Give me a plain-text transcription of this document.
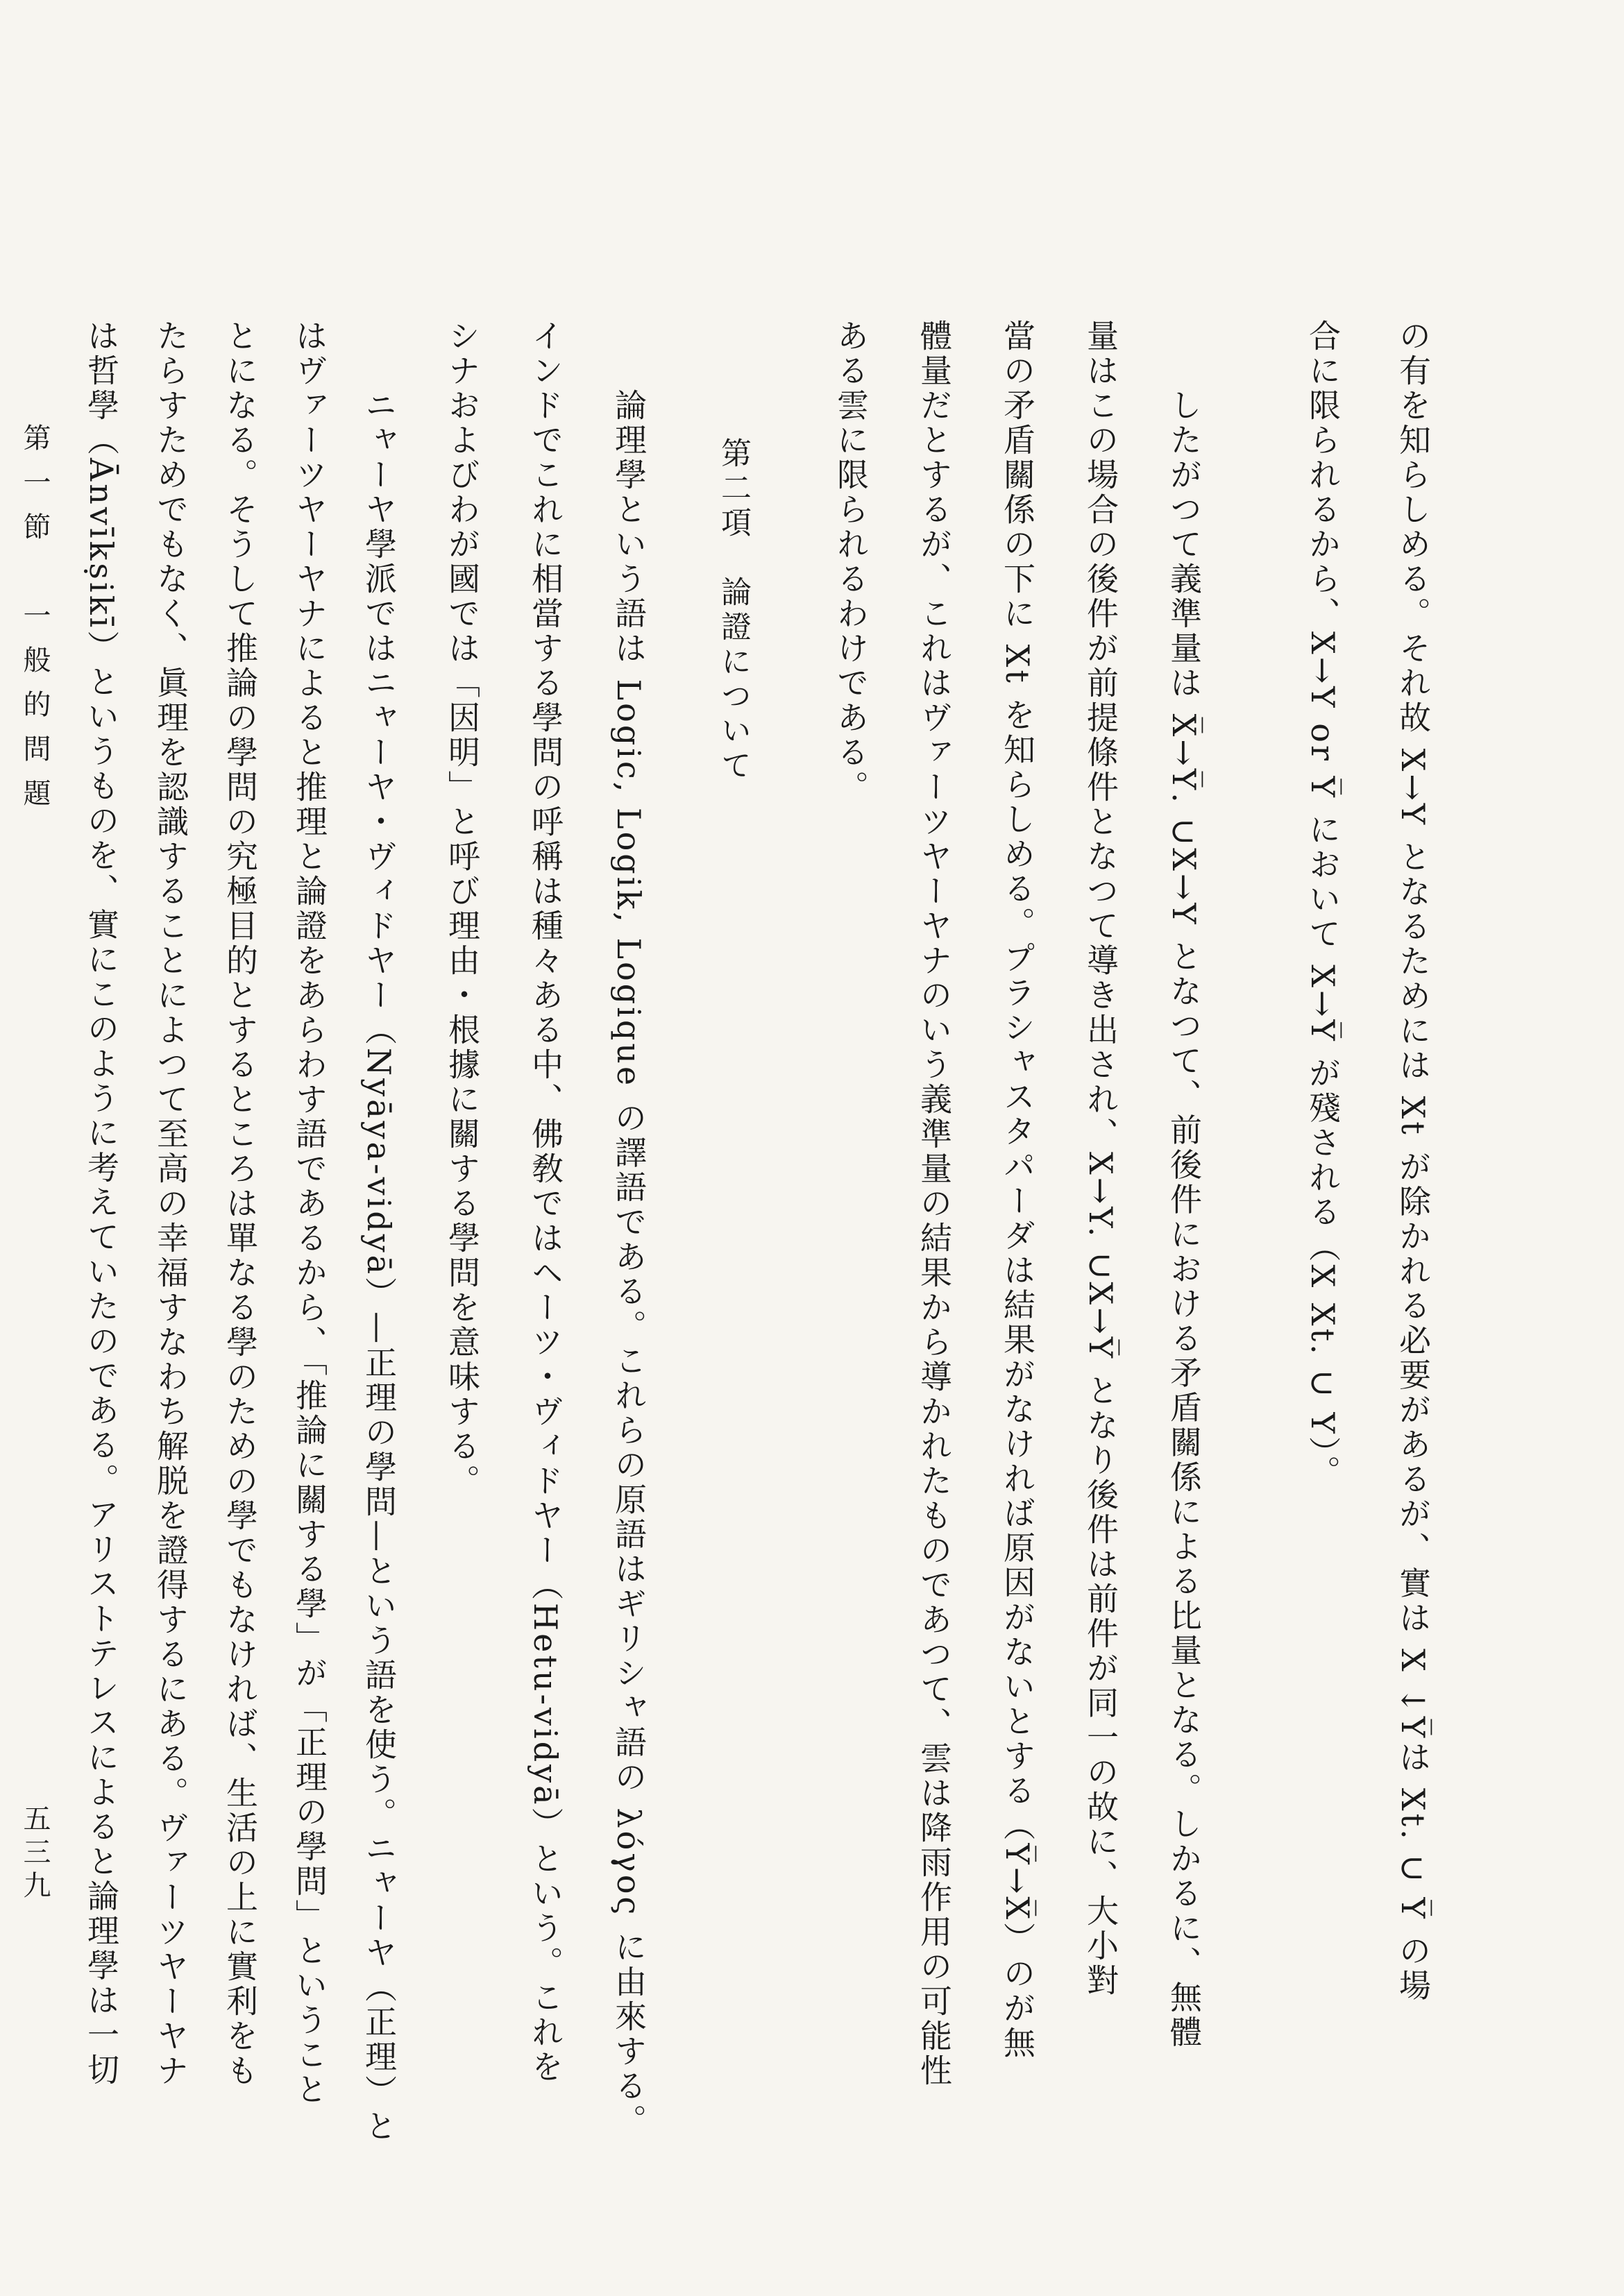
の有を知らしめる。それ故 X→Y となるためには Xt が除かれる必要があるが、實は X ↓Y̅は Xt. ∪ Y̅ の場
合に限られるから、X→Y or Y̅ において X→Y̅ が殘される（X Xt. ∪ Y）。
したがつて義準量は X̅→Y̅. ∪X→Y となつて、前後件における矛盾關係による比量となる。しかるに、無體
量はこの場合の後件が前提條件となつて導き出され、X→Y. ∪X→Y̅ となり後件は前件が同一の故に、大小對
當の矛盾關係の下に Xt を知らしめる。プラシャスタパーダは結果がなければ原因がないとする（Y̅→X̅）のが無
體量だとするが、これはヴァーツヤーヤナのいう義準量の結果から導かれたものであつて、雲は降雨作用の可能性
ある雲に限られるわけである。
第二項　論證について
論理學という語は Logic, Logik, Logique の譯語である。これらの原語はギリシャ語の λόγος に由來する。
インドでこれに相當する學問の呼稱は種々ある中、佛敎ではヘーツ・ヴィドヤー（Hetu-vidyā）という。これを
シナおよびわが國では「因明」と呼び理由・根據に關する學問を意味する。
ニャーヤ學派ではニャーヤ・ヴィドヤー（Nyāya-vidyā）—正理の學問—という語を使う。ニャーヤ（正理）と
はヴァーツヤーヤナによると推理と論證をあらわす語であるから、「推論に關する學」が「正理の學問」ということ
とになる。そうして推論の學問の究極目的とするところは單なる學のための學でもなければ、生活の上に實利をも
たらすためでもなく、眞理を認識することによつて至高の幸福すなわち解脱を證得するにある。ヴァーツヤーヤナ
は哲學（Ānvīkṣikī）というものを、實にこのように考えていたのである。アリストテレスによると論理學は一切
第一節　一般的問題
五三九
